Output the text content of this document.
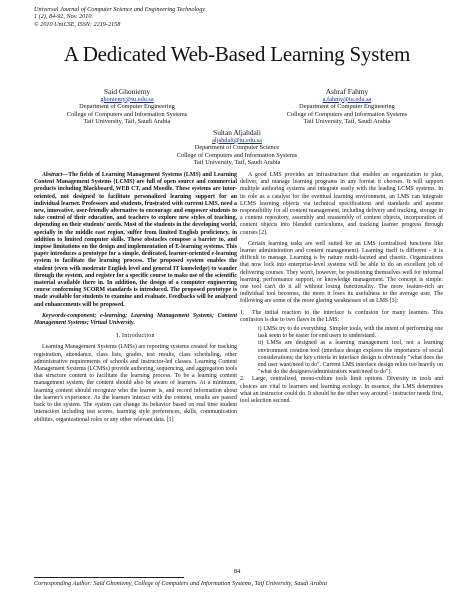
Universal Journal of Computer Science and Engineering Technology
1 (2), 84-92, Nov. 2010.
© 2010 UniCSE, ISSN: 2219-2158
A Dedicated Web-Based Learning System
Said Ghoniemy
ghoniemy@tu.edu.sa
Department of Computer Engineering
College of Computers and Information Systems
Taif University, Taif, Saudi Arabia
Ashraf Fahmy
a.fahmy@tu.edu.sa
Department of Computer Engineering
College of Computers and Information Systems
Taif University, Taif, Saudi Arabia
Sultan Aljahdali
aljahdali@tu.edu.sa
Department of Computer Science
College of Computers and Information Systems
Taif University, Taif, Saudi Arabia

Abstract—The fields of Learning Management Systems (LMS) and Learning Content Management Systems (LCMS) are full of open source and commercial products including Blackboard, WEB CT, and Moodle. These systems are tutor-oriented, not designed to facilitate personalized learning support for an individual learner. Professors and students, frustrated with current LMS, need a new, innovative, user-friendly alternative to encourage and empower students to take control of their education, and teachers to explore new styles of teaching, depending on their students' needs. Most of the students in the developing world, specially in the middle east region, suffer from limited English proficiency, in addition to limited computer skills. These obstacles compose a barrier to, and impose limitations on the design and implementation of E-learning systems. This paper introduces a prototype for a simple, dedicated, learner-oriented e-learning system to facilitate the learning process. The proposed system enables the student (even with moderate English level and general IT knowledge) to wander through the system, and register for a specific course to make use of the scientific material available there in. In addition, the design of a computer engineering course conforming SCORM standards is introduced. The proposed prototype is made available for students to examine and evaluate. Feedbacks will be analyzed and enhancements will be proposed.

Keywords-component; e-learning; Learning Management Systems; Content Management Systems; Virtual University.

I. Introduction

Learning Management Systems (LMSs) are reporting systems created for tracking registration, attendance, class lists, grades, test results, class scheduling, other administrative requirements of schools and instructor-led classes. Learning Content Management Systems (LCMSs) provide authoring, sequencing, and aggregation tools that structure content to facilitate the learning process. To be a learning content management system, the content should also be aware of learners. At a minimum, learning content should recognize who the learner is, and record information about the learner's experience. As the learners interact with the content, results are passed back to the system. The system can change its behavior based on real time student interaction including test scores, learning style preferences, skills, communication abilities, organizational roles or any other relevant data. [1]

A good LMS provides an infrastructure that enables an organization to plan, deliver, and manage learning programs in any format it chooses. It will support multiple authoring systems and integrate easily with the leading LCMS systems. In its role as a catalyst for the eventual learning environment, an LMS can integrate LCMS learning objects via technical specifications and standards and assume responsibility for all content management, including delivery and tracking, storage in a content repository, assembly and reassembly of content objects, incorporation of content objects into blended curriculums, and tracking learner progress through courses [2].

Certain learning tasks are well suited for an LMS (centralized functions like learner administration and content management). Learning itself is different - it is difficult to manage. Learning is by nature multi-faceted and chaotic. Organizations that now lock into enterprise-level systems will be able to do an excellent job of delivering courses. They won't, however, be positioning themselves well for informal learning, performance support, or knowledge management. The concept is simple: one tool can't do it all without losing functionality. The more feature-rich an individual tool becomes, the more it loses its usefulness to the average user. The following are some of the more glaring weaknesses of an LMS [3]:

1. The initial reaction to the interface is confusion for many learners. This confusion is due to two flaws in the LMS:
i) LMSs try to do everything. Simpler tools, with the intent of performing one task seem to be easier for end users to understand.
ii) LMSs are designed as a learning management tool, not a learning environment creation tool (interface design explores the importance of social considerations; the key criteria in interface design is obviously "what does the end user want/need to do". Current LMS interface design relies too heavily on "what do the designers/administrators want/need to do").
2. Large, centralized, mono-culture tools limit options. Diversity in tools and choices are vital to learners and learning ecology. In essence, the LMS determines what an instructor could do. It should be the other way around - instructor needs first, tool selection second.
84
Corresponding Author: Said Ghoniemy, College of Computers and Information Systems, Taif University, Saudi Arabia
